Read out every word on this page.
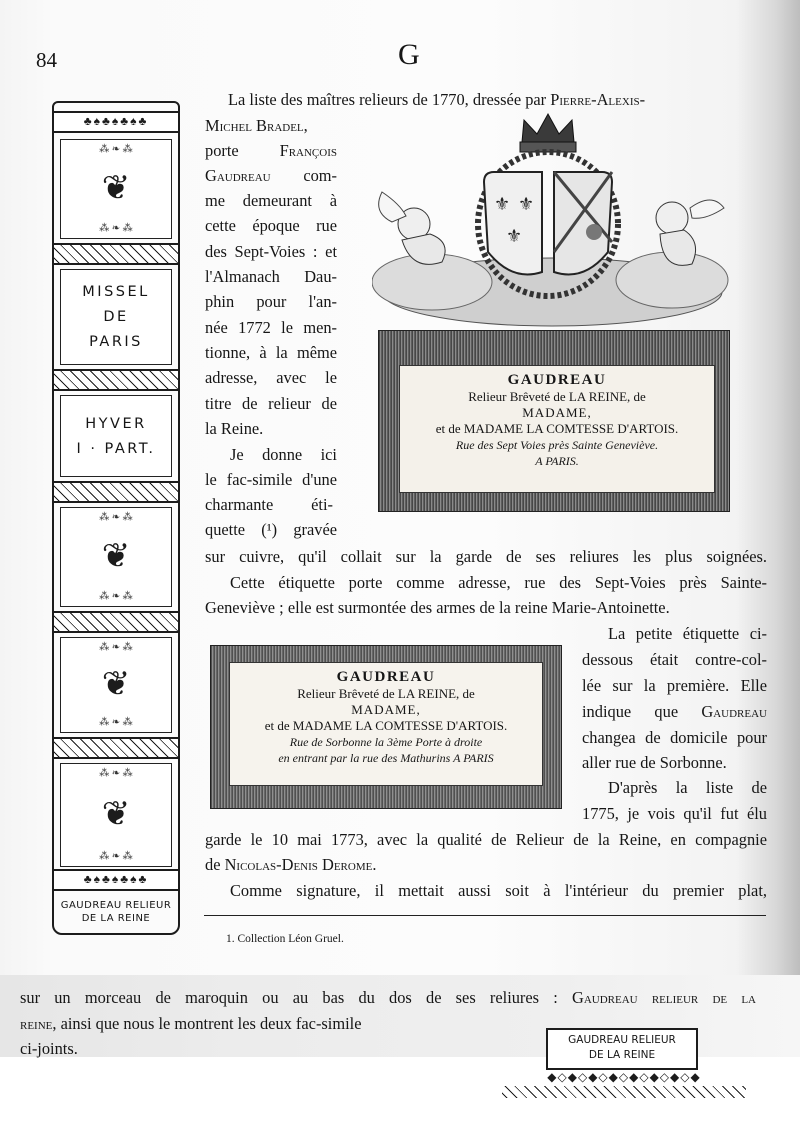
84	G
♣♠♣♠♣♠♣
⁂ ❧ ⁂ ❦
⁂ ❧ ⁂
MISSEL
DE
PARIS
HYVER
I · PART.
⁂ ❧ ⁂ ❦
⁂ ❧ ⁂
⁂ ❧ ⁂ ❦
⁂ ❧ ⁂
⁂ ❧ ⁂ ❦
⁂ ❧ ⁂
♣♠♣♠♣♠♣
GAUDREAU RELIEUR
DE LA REINE
⚜ ⚜
⚜
GAUDREAU
Relieur Brêveté de LA REINE, de
MADAME,
et de MADAME LA COMTESSE D'ARTOIS.
Rue des Sept Voies près Sainte Geneviève.
A PARIS.
GAUDREAU
Relieur Brêveté de LA REINE, de
MADAME,
et de MADAME LA COMTESSE D'ARTOIS.
Rue de Sorbonne la 3ème Porte à droite
en entrant par la rue des Mathurins A PARIS
La liste des maîtres relieurs de 1770, dressée par Pierre-Alexis-
Michel Bradel,
porte François
Gaudreau com-
me demeurant à
cette époque rue
des Sept-Voies : et
l'Almanach Dau-
phin pour l'an-
née 1772 le men-
tionne, à la même
adresse, avec le
titre de relieur de
la Reine.
Je donne ici
le fac-simile d'une
charmante éti-
quette (¹) gravée
sur cuivre, qu'il collait sur la garde de ses reliures les plus soignées.
Cette étiquette porte comme adresse, rue des Sept-Voies près Sainte-
Geneviève ; elle est surmontée des armes de la reine Marie-Antoinette.
La petite étiquette ci-
dessous était contre-col-
lée sur la première. Elle
indique que Gaudreau
changea de domicile pour
aller rue de Sorbonne.
D'après la liste de
1775, je vois qu'il fut élu
garde le 10 mai 1773, avec la qualité de Relieur de la Reine, en compagnie
de Nicolas-Denis Derome.
Comme signature, il mettait aussi soit à l'intérieur du premier plat,
1. Collection Léon Gruel.
sur un morceau de maroquin ou au bas du dos de ses reliures : Gaudreau relieur de la
reine, ainsi que nous le montrent les deux fac-simile
ci-joints.	GAUDREAU RELIEUR
DE LA REINE
◆◇◆◇◆◇◆◇◆◇◆◇◆◇◆
